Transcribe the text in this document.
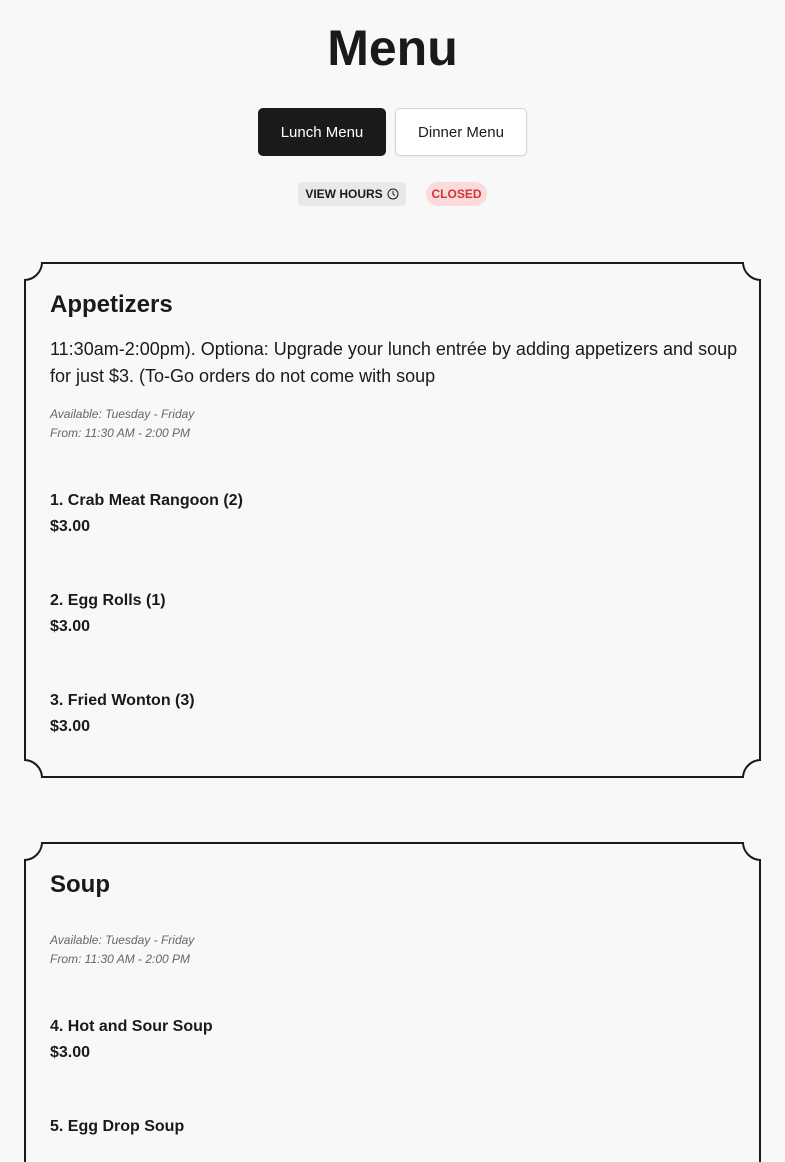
Menu
Lunch Menu	Dinner Menu
VIEW HOURS	CLOSED
Appetizers
11:30am-2:00pm). Optiona: Upgrade your lunch entrée by adding appetizers and soup for just $3. (To-Go orders do not come with soup
Available: Tuesday - Friday
From: 11:30 AM - 2:00 PM
1. Crab Meat Rangoon (2)
$3.00
2. Egg Rolls (1)
$3.00
3. Fried Wonton (3)
$3.00
Soup
Available: Tuesday - Friday
From: 11:30 AM - 2:00 PM
4. Hot and Sour Soup
$3.00
5. Egg Drop Soup
